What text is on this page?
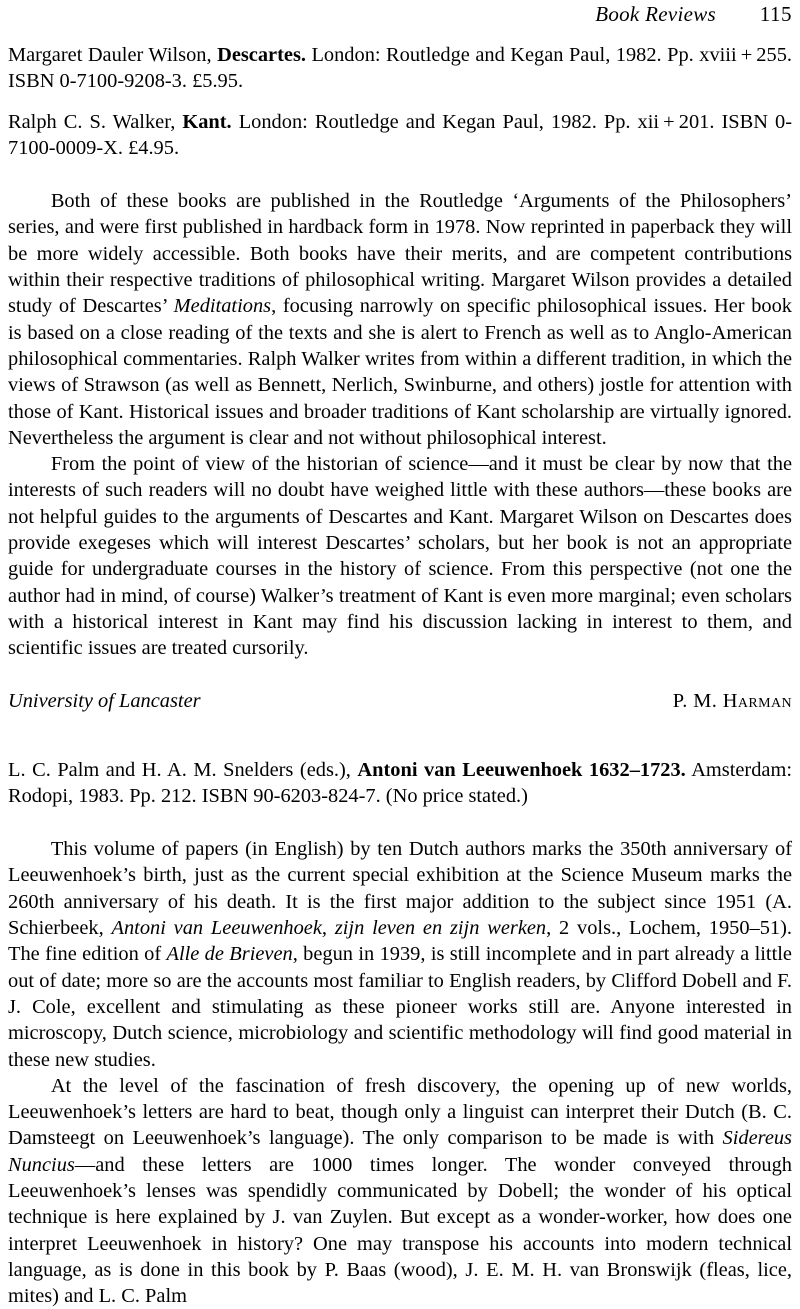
Book Reviews 115
Margaret Dauler Wilson, Descartes. London: Routledge and Kegan Paul, 1982. Pp. xviii + 255. ISBN 0-7100-9208-3. £5.95.
Ralph C. S. Walker, Kant. London: Routledge and Kegan Paul, 1982. Pp. xii + 201. ISBN 0-7100-0009-X. £4.95.

Both of these books are published in the Routledge ‘Arguments of the Philosophers’ series, and were first published in hardback form in 1978. Now reprinted in paperback they will be more widely accessible. Both books have their merits, and are competent contributions within their respective traditions of philosophical writing. Margaret Wilson provides a detailed study of Descartes’ Meditations, focusing narrowly on specific philosophical issues. Her book is based on a close reading of the texts and she is alert to French as well as to Anglo-American philosophical commentaries. Ralph Walker writes from within a different tradition, in which the views of Strawson (as well as Bennett, Nerlich, Swinburne, and others) jostle for attention with those of Kant. Historical issues and broader traditions of Kant scholarship are virtually ignored. Nevertheless the argument is clear and not without philosophical interest.

From the point of view of the historian of science—and it must be clear by now that the interests of such readers will no doubt have weighed little with these authors—these books are not helpful guides to the arguments of Descartes and Kant. Margaret Wilson on Descartes does provide exegeses which will interest Descartes’ scholars, but her book is not an appropriate guide for undergraduate courses in the history of science. From this perspective (not one the author had in mind, of course) Walker’s treatment of Kant is even more marginal; even scholars with a historical interest in Kant may find his discussion lacking in interest to them, and scientific issues are treated cursorily.

University of Lancaster	P. M. Harman
L. C. Palm and H. A. M. Snelders (eds.), Antoni van Leeuwenhoek 1632–1723. Amsterdam: Rodopi, 1983. Pp. 212. ISBN 90-6203-824-7. (No price stated.)

This volume of papers (in English) by ten Dutch authors marks the 350th anniversary of Leeuwenhoek’s birth, just as the current special exhibition at the Science Museum marks the 260th anniversary of his death. It is the first major addition to the subject since 1951 (A. Schierbeek, Antoni van Leeuwenhoek, zijn leven en zijn werken, 2 vols., Lochem, 1950–51). The fine edition of Alle de Brieven, begun in 1939, is still incomplete and in part already a little out of date; more so are the accounts most familiar to English readers, by Clifford Dobell and F. J. Cole, excellent and stimulating as these pioneer works still are. Anyone interested in microscopy, Dutch science, microbiology and scientific methodology will find good material in these new studies.

At the level of the fascination of fresh discovery, the opening up of new worlds, Leeuwenhoek’s letters are hard to beat, though only a linguist can interpret their Dutch (B. C. Damsteegt on Leeuwenhoek’s language). The only comparison to be made is with Sidereus Nuncius—and these letters are 1000 times longer. The wonder conveyed through Leeuwenhoek’s lenses was spendidly communicated by Dobell; the wonder of his optical technique is here explained by J. van Zuylen. But except as a wonder-worker, how does one interpret Leeuwenhoek in history? One may transpose his accounts into modern technical language, as is done in this book by P. Baas (wood), J. E. M. H. van Bronswijk (fleas, lice, mites) and L. C. Palm
